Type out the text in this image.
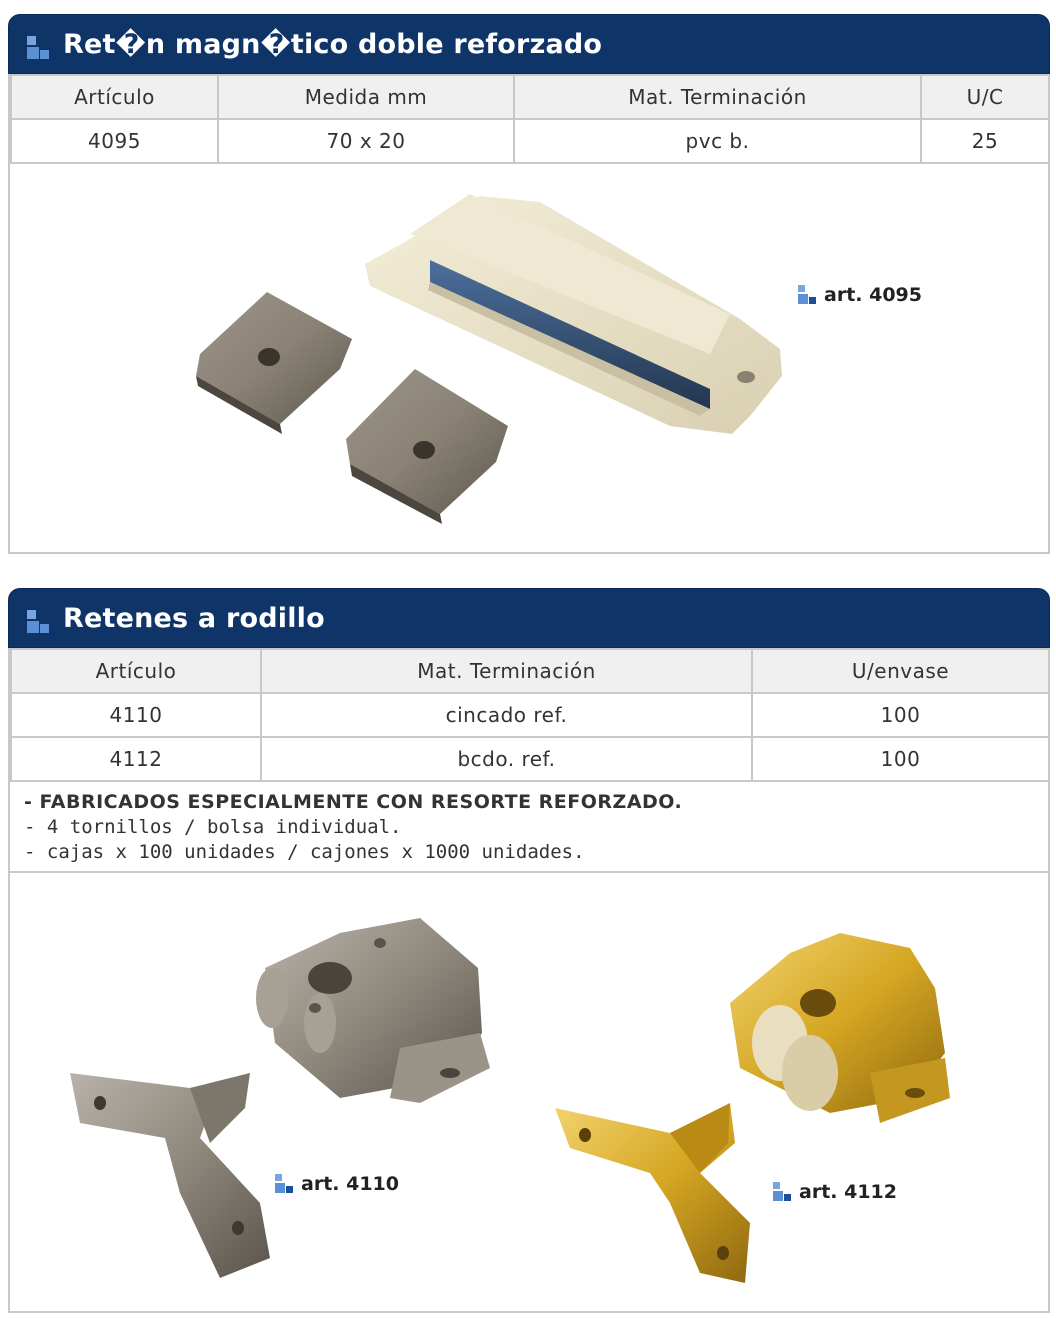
Ret�n magn�tico doble reforzado
Artículo	Medida mm	Mat. Terminación	U/C
4095	70 x 20	pvc b.	25
art. 4095
Retenes a rodillo
Artículo	Mat. Terminación	U/envase
4110	cincado ref.	100
4112	bcdo. ref.	100
- FABRICADOS ESPECIALMENTE CON RESORTE REFORZADO.
- 4 tornillos / bolsa individual.
- cajas x 100 unidades / cajones x 1000 unidades.
art. 4110	art. 4112
